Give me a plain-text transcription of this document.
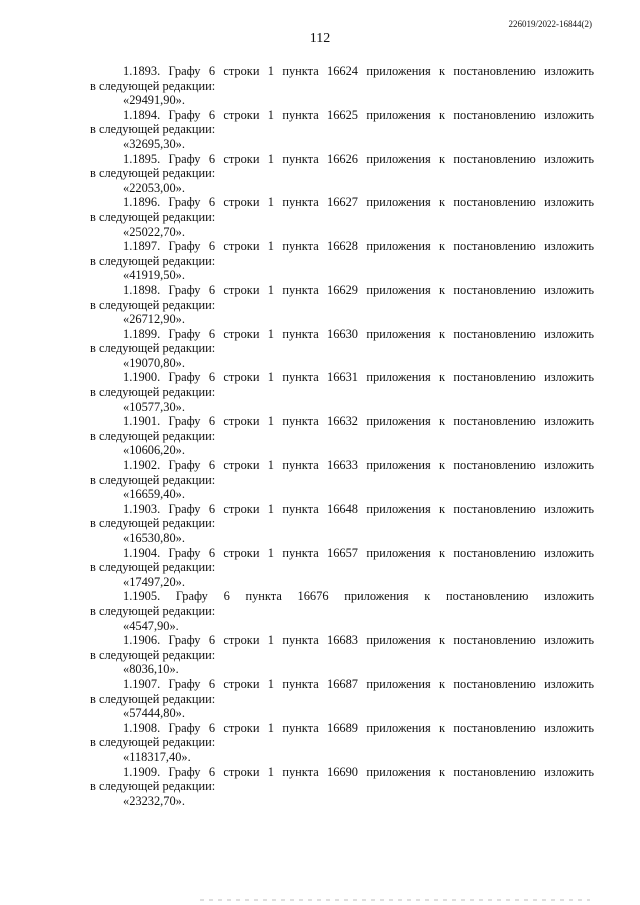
112
226019/2022-16844(2)

1.1893. Графу 6 строки 1 пункта 16624 приложения к постановлению изложить

в следующей редакции:

«29491,90».

1.1894. Графу 6 строки 1 пункта 16625 приложения к постановлению изложить

в следующей редакции:

«32695,30».

1.1895. Графу 6 строки 1 пункта 16626 приложения к постановлению изложить

в следующей редакции:

«22053,00».

1.1896. Графу 6 строки 1 пункта 16627 приложения к постановлению изложить

в следующей редакции:

«25022,70».

1.1897. Графу 6 строки 1 пункта 16628 приложения к постановлению изложить

в следующей редакции:

«41919,50».

1.1898. Графу 6 строки 1 пункта 16629 приложения к постановлению изложить

в следующей редакции:

«26712,90».

1.1899. Графу 6 строки 1 пункта 16630 приложения к постановлению изложить

в следующей редакции:

«19070,80».

1.1900. Графу 6 строки 1 пункта 16631 приложения к постановлению изложить

в следующей редакции:

«10577,30».

1.1901. Графу 6 строки 1 пункта 16632 приложения к постановлению изложить

в следующей редакции:

«10606,20».

1.1902. Графу 6 строки 1 пункта 16633 приложения к постановлению изложить

в следующей редакции:

«16659,40».

1.1903. Графу 6 строки 1 пункта 16648 приложения к постановлению изложить

в следующей редакции:

«16530,80».

1.1904. Графу 6 строки 1 пункта 16657 приложения к постановлению изложить

в следующей редакции:

«17497,20».

1.1905. Графу 6 пункта 16676 приложения к постановлению изложить

в следующей редакции:

«4547,90».

1.1906. Графу 6 строки 1 пункта 16683 приложения к постановлению изложить

в следующей редакции:

«8036,10».

1.1907. Графу 6 строки 1 пункта 16687 приложения к постановлению изложить

в следующей редакции:

«57444,80».

1.1908. Графу 6 строки 1 пункта 16689 приложения к постановлению изложить

в следующей редакции:

«118317,40».

1.1909. Графу 6 строки 1 пункта 16690 приложения к постановлению изложить

в следующей редакции:

«23232,70».
